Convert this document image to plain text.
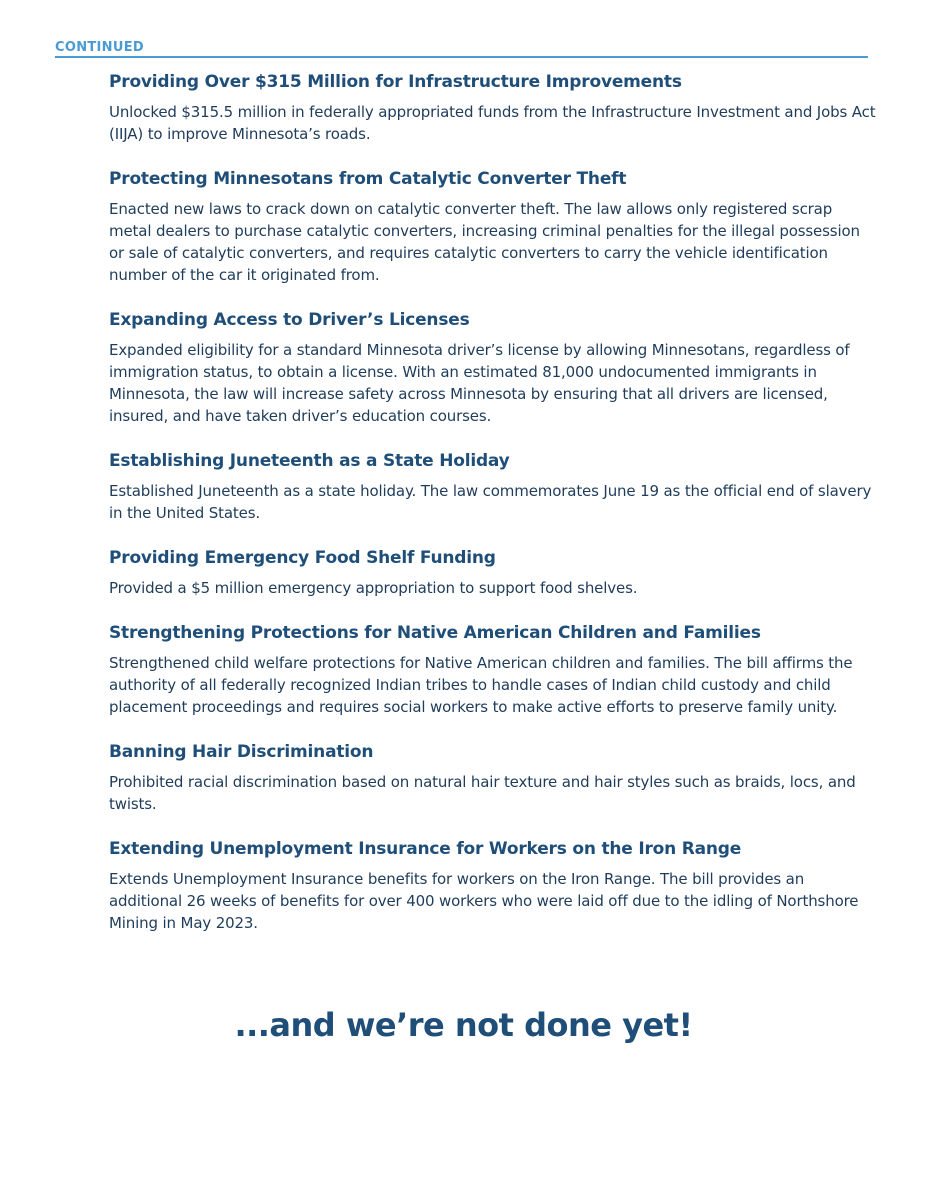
CONTINUED
Providing Over $315 Million for Infrastructure Improvements

Unlocked $315.5 million in federally appropriated funds from the Infrastructure Investment and Jobs Act (IIJA) to improve Minnesota’s roads.

Protecting Minnesotans from Catalytic Converter Theft

Enacted new laws to crack down on catalytic converter theft. The law allows only registered scrap metal dealers to purchase catalytic converters, increasing criminal penalties for the illegal possession or sale of catalytic converters, and requires catalytic converters to carry the vehicle identification number of the car it originated from.

Expanding Access to Driver’s Licenses

Expanded eligibility for a standard Minnesota driver’s license by allowing Minnesotans, regardless of immigration status, to obtain a license. With an estimated 81,000 undocumented immigrants in Minnesota, the law will increase safety across Minnesota by ensuring that all drivers are licensed, insured, and have taken driver’s education courses.

Establishing Juneteenth as a State Holiday

Established Juneteenth as a state holiday. The law commemorates June 19 as the official end of slavery in the United States.

Providing Emergency Food Shelf Funding

Provided a $5 million emergency appropriation to support food shelves.

Strengthening Protections for Native American Children and Families

Strengthened child welfare protections for Native American children and families. The bill affirms the authority of all federally recognized Indian tribes to handle cases of Indian child custody and child placement proceedings and requires social workers to make active efforts to preserve family unity.

Banning Hair Discrimination

Prohibited racial discrimination based on natural hair texture and hair styles such as braids, locs, and twists.

Extending Unemployment Insurance for Workers on the Iron Range

Extends Unemployment Insurance benefits for workers on the Iron Range. The bill provides an additional 26 weeks of benefits for over 400 workers who were laid off due to the idling of Northshore Mining in May 2023.

...and we’re not done yet!
